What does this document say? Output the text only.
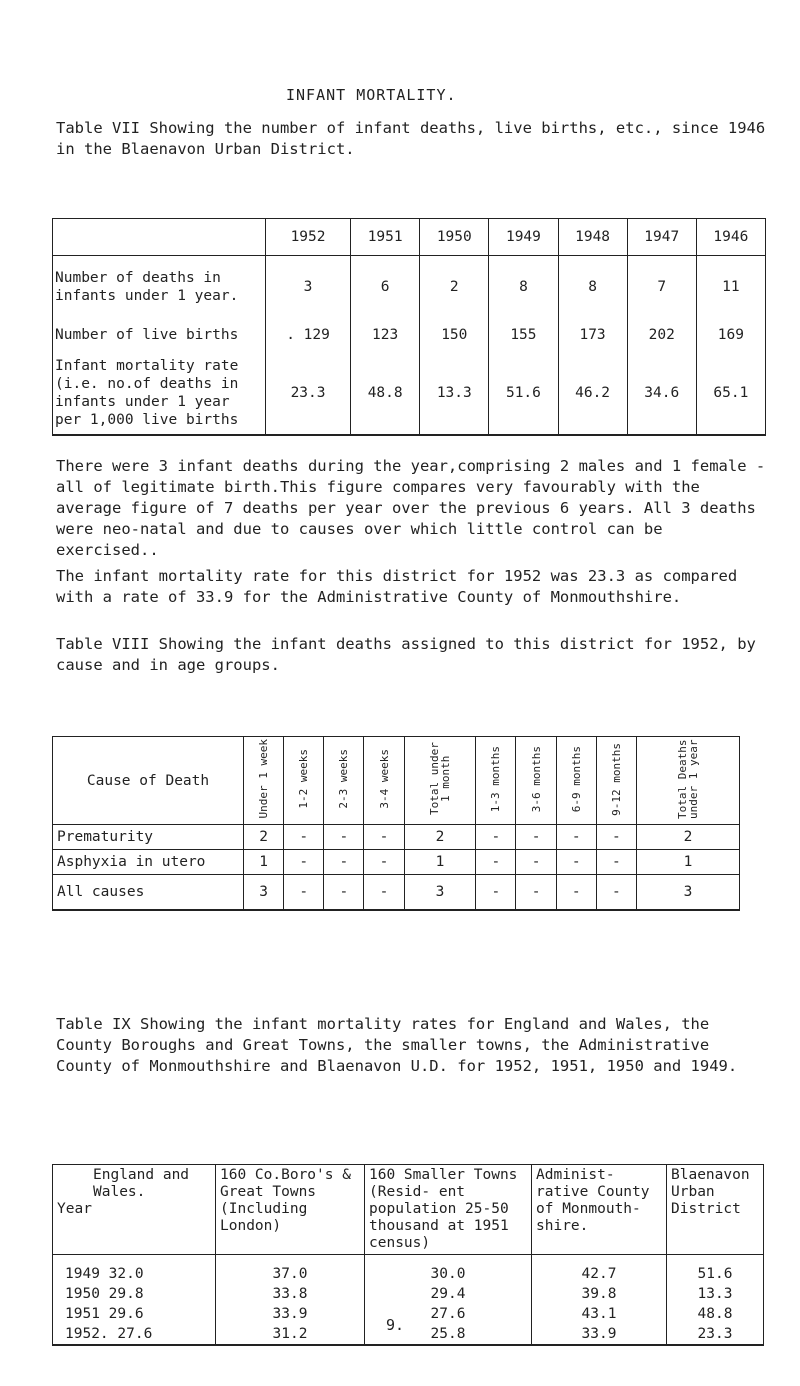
INFANT MORTALITY.

Table VII Showing the number of infant deaths, live births, etc., since 1946 in the Blaenavon Urban District.

	1952	1951	1950	1949	1948	1947	1946
Number of deaths in infants under 1 year.	3	6	2	8	8	7	11
Number of live births	. 129	123	150	155	173	202	169
Infant mortality rate (i.e. no.of deaths in infants under 1 year per 1,000 live births	23.3	48.8	13.3	51.6	46.2	34.6	65.1

There were 3 infant deaths during the year,comprising 2 males and 1 female - all of legitimate birth.This figure compares very favourably with the average figure of 7 deaths per year over the previous 6 years. All 3 deaths were neo-natal and due to causes over which little control can be exercised..

The infant mortality rate for this district for 1952 was 23.3 as compared with a rate of 33.9 for the Administrative County of Monmouthshire.

Table VIII Showing the infant deaths assigned to this district for 1952, by cause and in age groups.

Cause of Death	Under 1 week	1-2 weeks	2-3 weeks	3-4 weeks	Total under 1 month	1-3 months	3-6 months	6-9 months	9-12 months	Total Deaths under 1 year
Prematurity	2	-	-	-	2	-	-	-	-	2
Asphyxia in utero	1	-	-	-	1	-	-	-	-	1
All causes	3	-	-	-	3	-	-	-	-	3

Table IX Showing the infant mortality rates for England and Wales, the County Boroughs and Great Towns, the smaller towns, the Administrative County of Monmouthshire and Blaenavon U.D. for 1952, 1951, 1950 and 1949.

England and Wales.
Year	160 Co.Boro's & Great Towns (Including London)	160 Smaller Towns (Resid- ent population 25-50 thousand at 1951 census)	Administ- rative County of Monmouth- shire.	Blaenavon Urban District
1949 32.0	37.0	30.0	42.7	51.6
1950 29.8	33.8	29.4	39.8	13.3
1951 29.6	33.9	27.6	43.1	48.8
1952. 27.6	31.2	25.8	33.9	23.3
9.
